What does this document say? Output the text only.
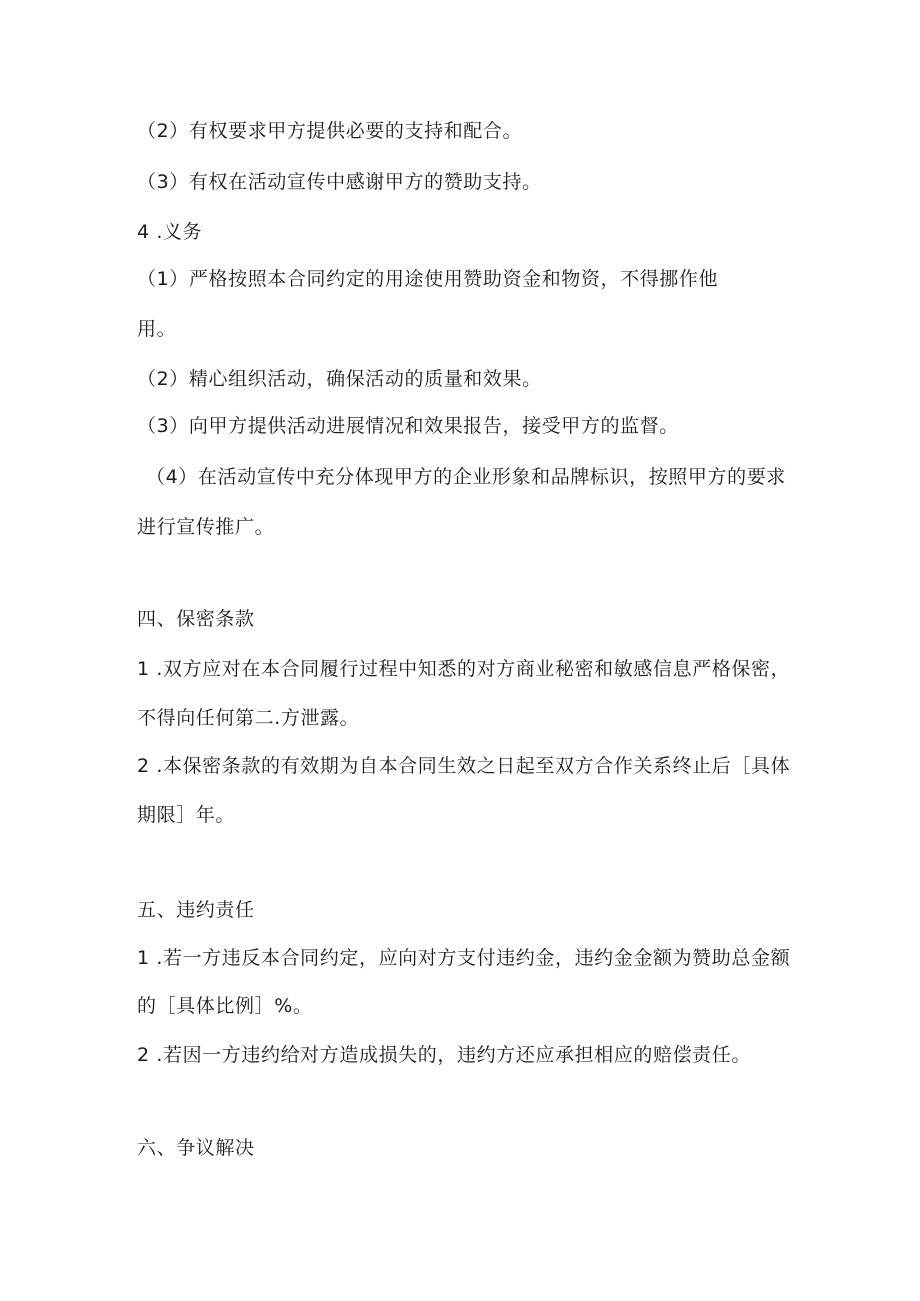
（2）有权要求甲方提供必要的支持和配合。
（3）有权在活动宣传中感谢甲方的赞助支持。
4 .义务
（1）严格按照本合同约定的用途使用赞助资金和物资，不得挪作他
用。
（2）精心组织活动，确保活动的质量和效果。
（3）向甲方提供活动进展情况和效果报告，接受甲方的监督。
（4）在活动宣传中充分体现甲方的企业形象和品牌标识，按照甲方的要求
进行宣传推广。
四、保密条款
1 .双方应对在本合同履行过程中知悉的对方商业秘密和敏感信息严格保密，
不得向任何第二.方泄露。
2 .本保密条款的有效期为自本合同生效之日起至双方合作关系终止后［具体
期限］年。
五、违约责任
1 .若一方违反本合同约定，应向对方支付违约金，违约金金额为赞助总金额
的［具体比例］%。
2 .若因一方违约给对方造成损失的，违约方还应承担相应的赔偿责任。
六、争议解决
